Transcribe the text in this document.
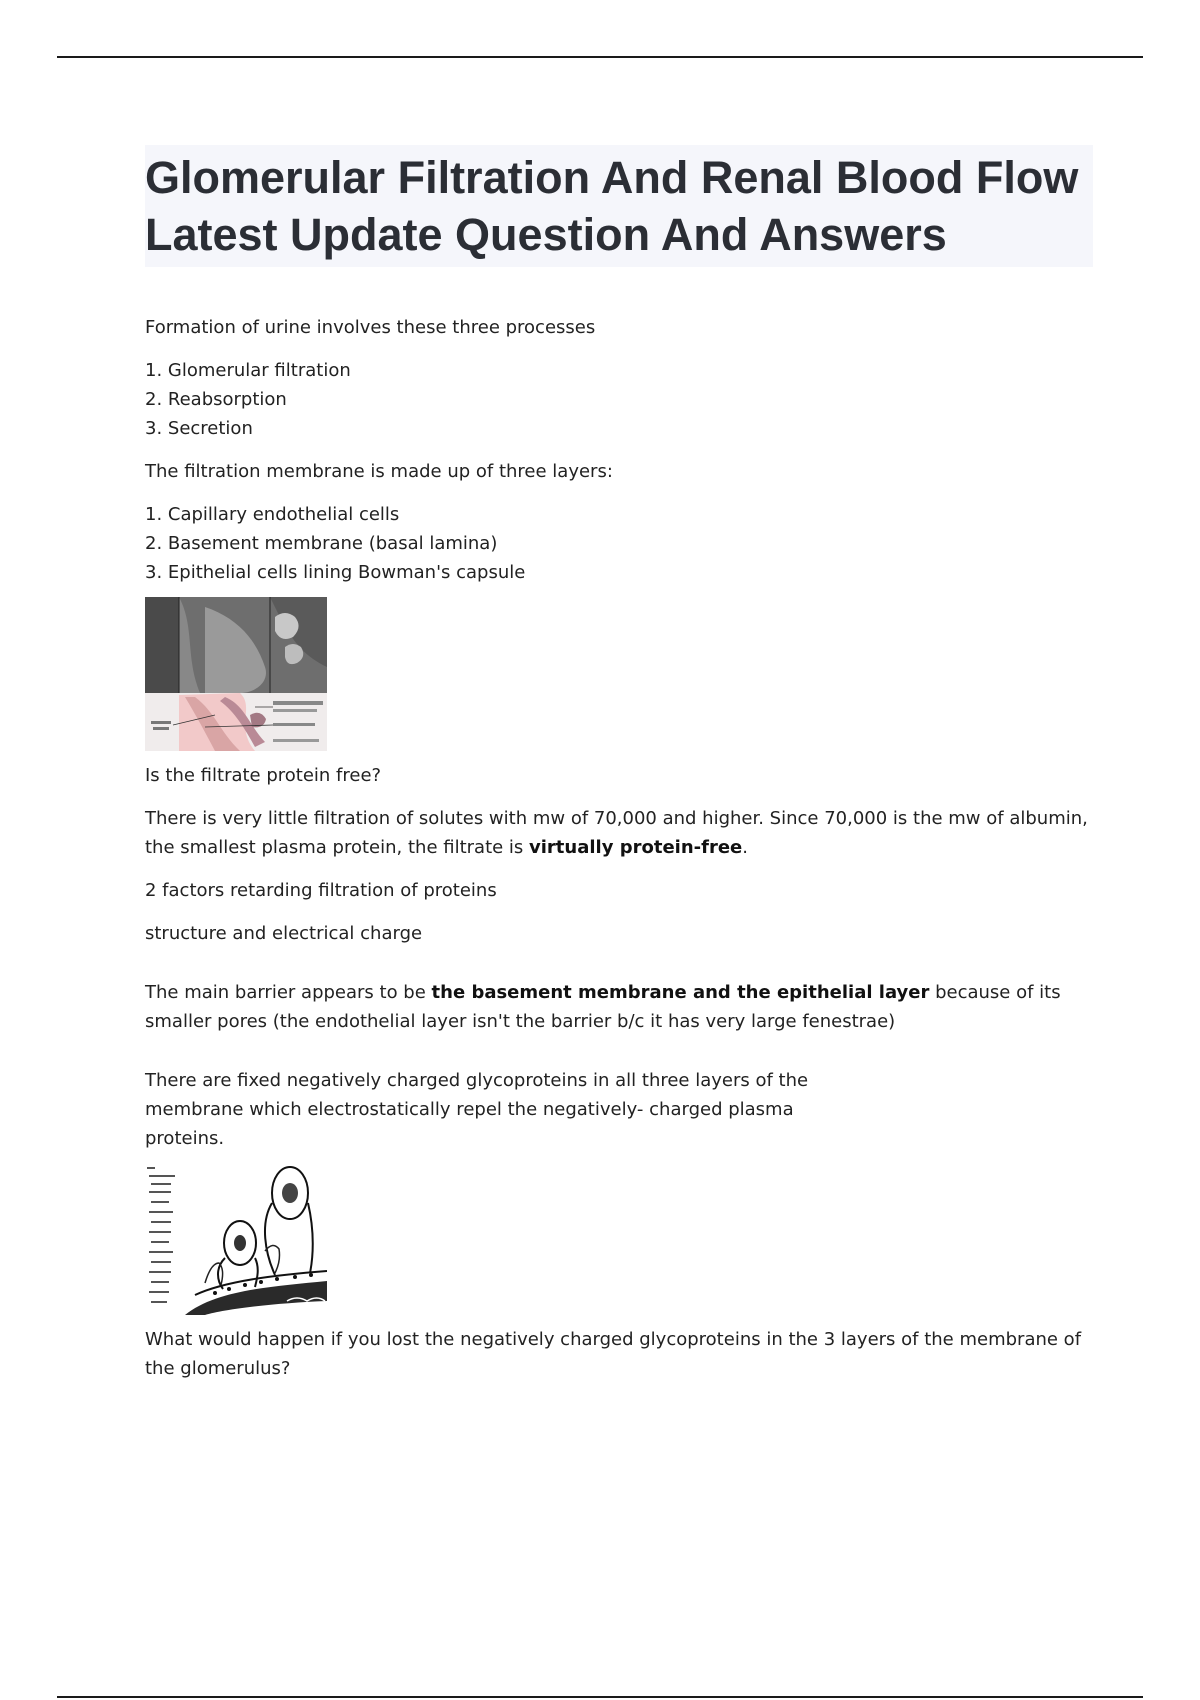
Glomerular Filtration And Renal Blood Flow Latest Update Question And Answers

Formation of urine involves these three processes

1. Glomerular filtration
2. Reabsorption
3. Secretion

The filtration membrane is made up of three layers:

1. Capillary endothelial cells
2. Basement membrane (basal lamina)
3. Epithelial cells lining Bowman's capsule

Is the filtrate protein free?

There is very little filtration of solutes with mw of 70,000 and higher. Since 70,000 is the mw of albumin, the smallest plasma protein, the filtrate is virtually protein-free.

2 factors retarding filtration of proteins

structure and electrical charge

The main barrier appears to be the basement membrane and the epithelial layer because of its smaller pores (the endothelial layer isn't the barrier b/c it has very large fenestrae)

There are fixed negatively charged glycoproteins in all three layers of the membrane which electrostatically repel the negatively- charged plasma proteins.

What would happen if you lost the negatively charged glycoproteins in the 3 layers of the membrane of the glomerulus?
